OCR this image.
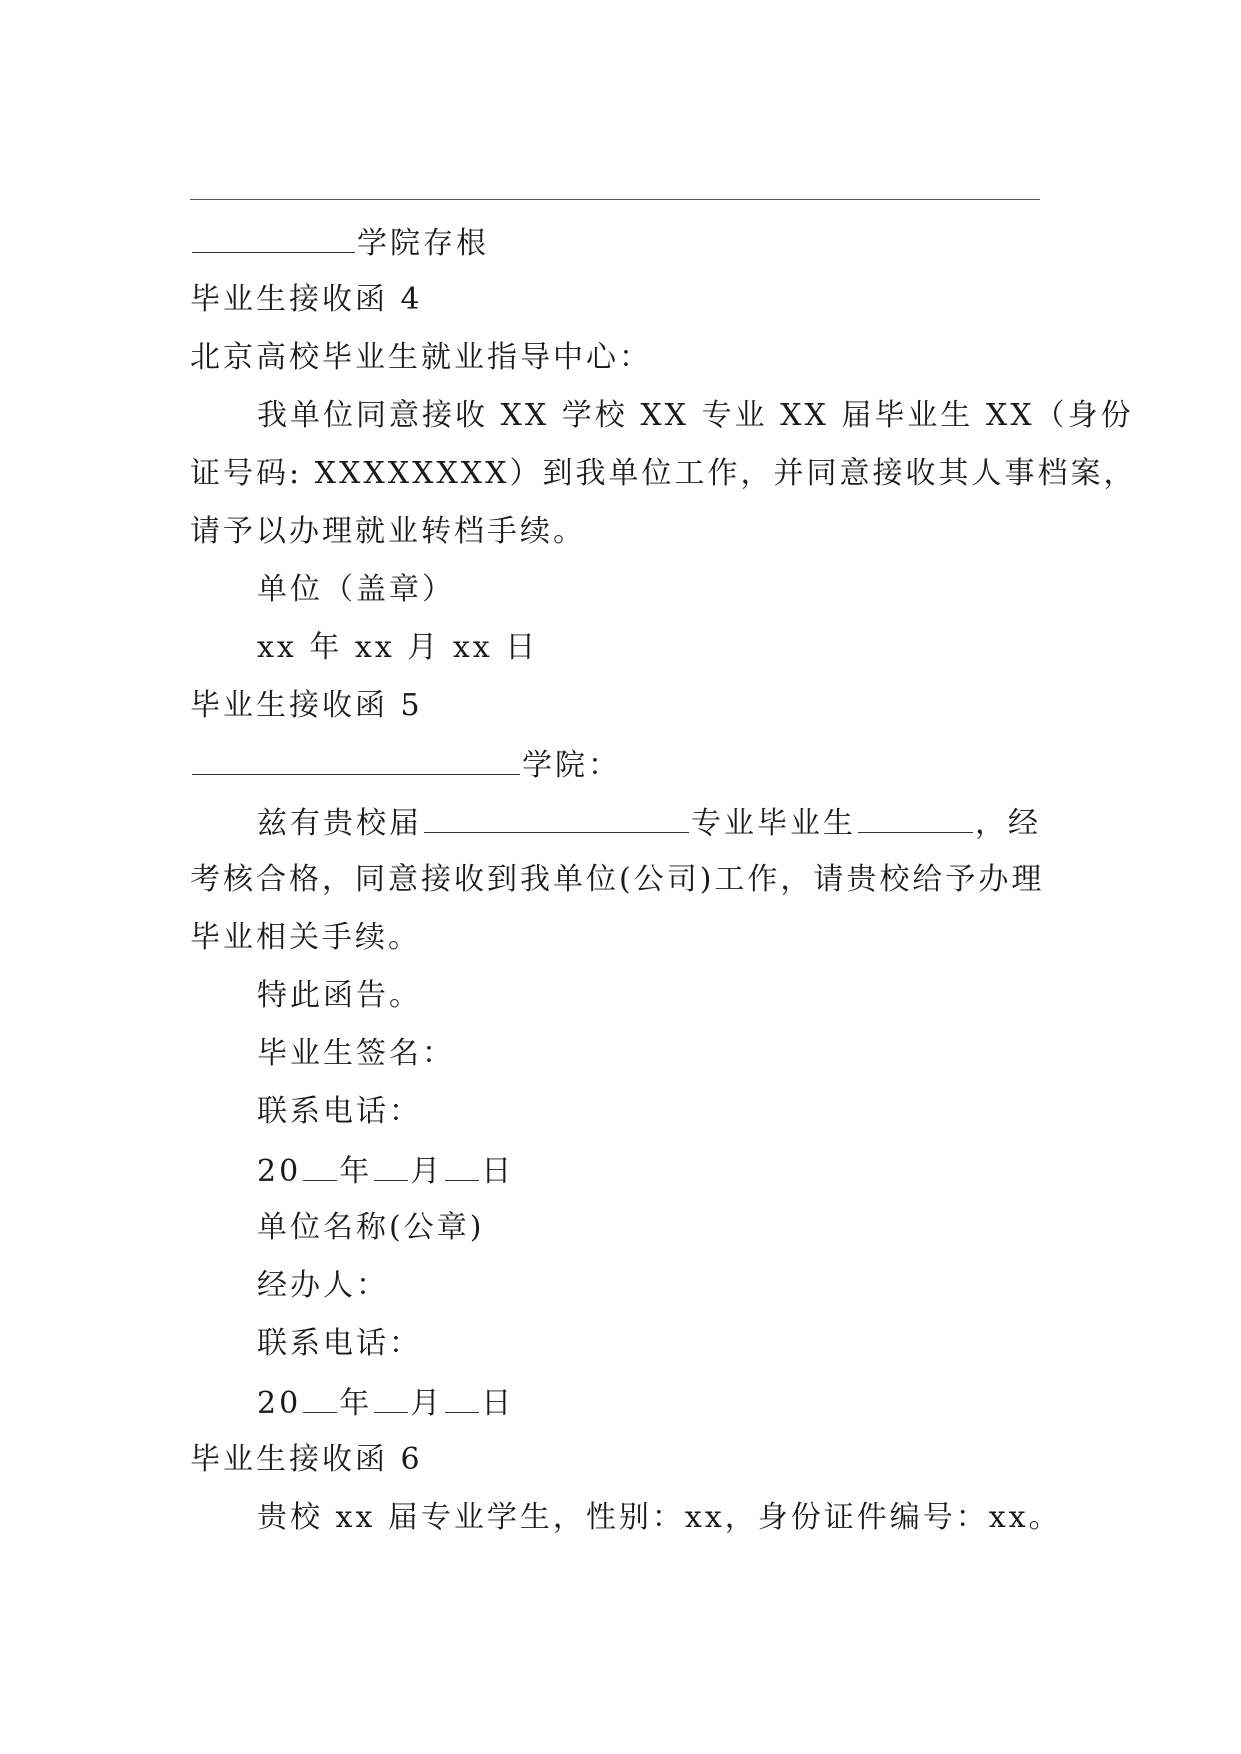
学院存根
毕业生接收函 4
北京高校毕业生就业指导中心：
我单位同意接收 XX 学校 XX 专业 XX 届毕业生 XX（身份
证号码: XXXXXXXX）到我单位工作，并同意接收其人事档案，
请予以办理就业转档手续。
单位（盖章）
xx 年 xx 月 xx 日
毕业生接收函 5
学院：
兹有贵校届	专业毕业生	，经
考核合格，同意接收到我单位(公司)工作，请贵校给予办理
毕业相关手续。
特此函告。
毕业生签名：
联系电话：
20 年 月 日
单位名称(公章)
经办人：
联系电话：
20 年 月 日
毕业生接收函 6
贵校 xx 届专业学生，性别：xx，身份证件编号：xx。
